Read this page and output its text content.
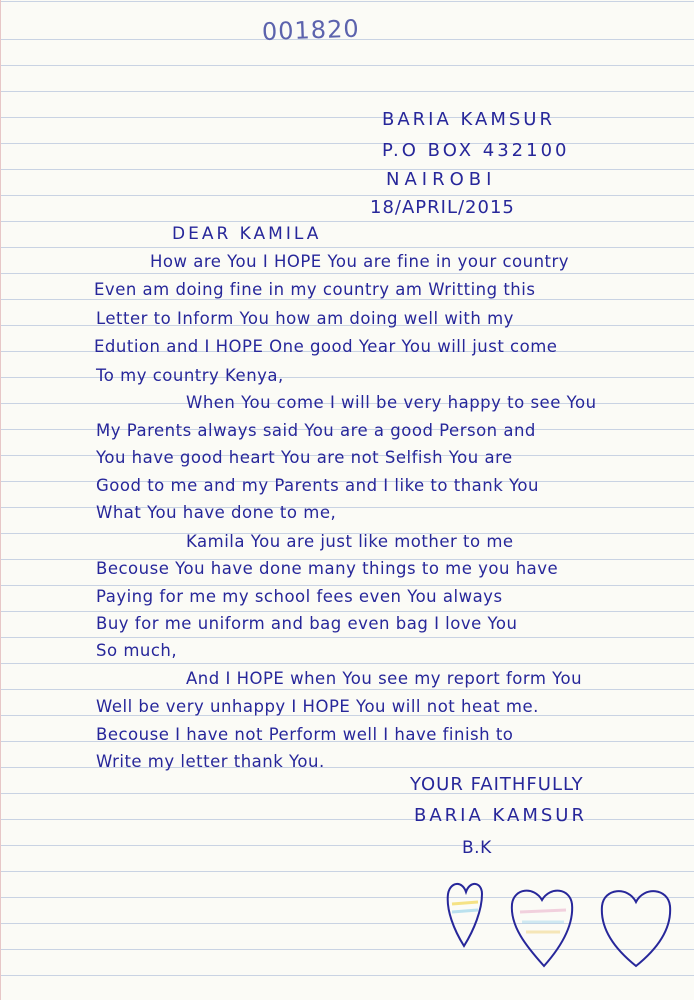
001820

BARIA KAMSUR

P.O BOX 432100

NAIROBI

18/APRIL/2015

DEAR KAMILA

How are You I HOPE You are fine in your country

Even am doing fine in my country am Writting this

Letter to Inform You how am doing well with my

Edution and I HOPE One good Year You will just come

To my country Kenya,

When You come I will be very happy to see You

My Parents always said You are a good Person and

You have good heart You are not Selfish You are

Good to me and my Parents and I like to thank You

What You have done to me,

Kamila You are just like mother to me

Becouse You have done many things to me you have

Paying for me my school fees even You always

Buy for me uniform and bag even bag I love You

So much,

And I HOPE when You see my report form You

Well be very unhappy I HOPE You will not heat me.

Becouse I have not Perform well I have finish to

Write my letter thank You.

YOUR FAITHFULLY

BARIA KAMSUR

B.K
